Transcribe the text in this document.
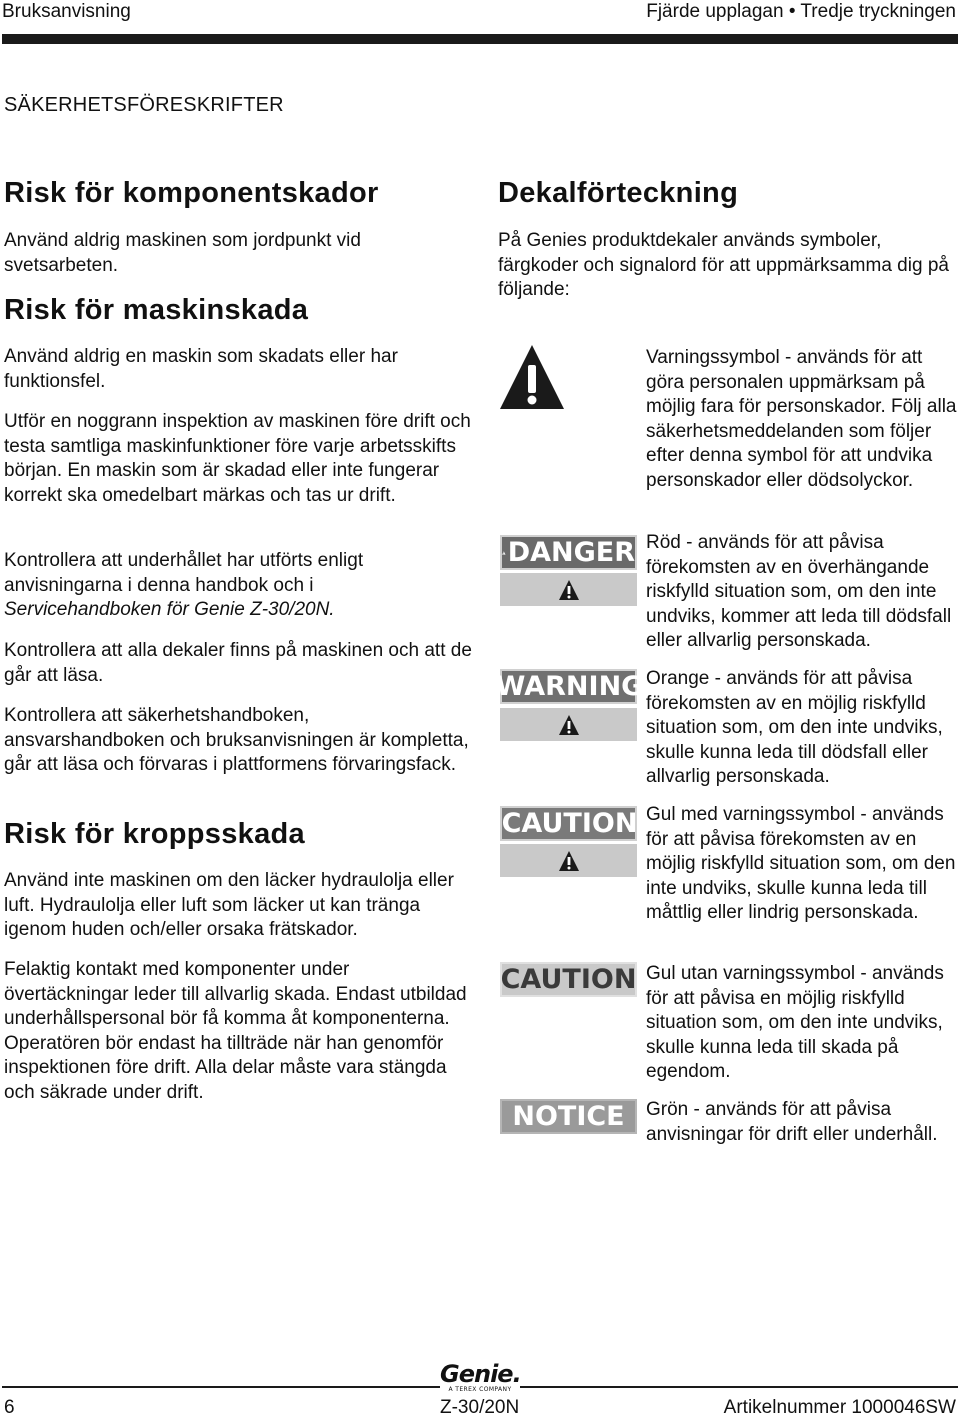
Bruksanvisning	Fjärde upplagan • Tredje tryckningen
SÄKERHETSFÖRESKRIFTER
Risk för komponentskador

Använd aldrig maskinen som jordpunkt vid svetsarbeten.

Risk för maskinskada

Använd aldrig en maskin som skadats eller har funktionsfel.

Utför en noggrann inspektion av maskinen före drift och testa samtliga maskinfunktioner före varje arbetsskifts början. En maskin som är skadad eller inte fungerar korrekt ska omedelbart märkas och tas ur drift.

Kontrollera att underhållet har utförts enligt anvisningarna i denna handbok och i Servicehandboken för Genie Z-30/20N.

Kontrollera att alla dekaler finns på maskinen och att de går att läsa.

Kontrollera att säkerhetshandboken, ansvarshandboken och bruksanvisningen är kompletta, går att läsa och förvaras i plattformens förvaringsfack.

Risk för kroppsskada

Använd inte maskinen om den läcker hydraulolja eller luft. Hydraulolja eller luft som läcker ut kan tränga igenom huden och/eller orsaka frätskador.

Felaktig kontakt med komponenter under övertäckningar leder till allvarlig skada. Endast utbildad underhållspersonal bör få komma åt komponenterna. Operatören bör endast ha tillträde när han genomför inspektionen före drift. Alla delar måste vara stängda och säkrade under drift.

Dekalförteckning

På Genies produktdekaler används symboler, färgkoder och signalord för att uppmärksamma dig på följande:

Varningssymbol - används för att göra personalen uppmärksam på möjlig fara för personskador. Följ alla säkerhetsmeddelanden som följer efter denna symbol för att undvika personskador eller dödsolyckor.

DANGER Röd - används för att påvisa förekomsten av en överhängande riskfylld situation som, om den inte undviks, kommer att leda till dödsfall eller allvarlig personskada.

WARNING Orange - används för att påvisa förekomsten av en möjlig riskfylld situation som, om den inte undviks, skulle kunna leda till dödsfall eller allvarlig personskada.

CAUTION Gul med varningssymbol - används för att påvisa förekomsten av en möjlig riskfylld situation som, om den inte undviks, skulle kunna leda till måttlig eller lindrig personskada.

CAUTION Gul utan varningssymbol - används för att påvisa en möjlig riskfylld situation som, om den inte undviks, skulle kunna leda till skada på egendom.

NOTICE Grön - används för att påvisa anvisningar för drift eller underhåll.

Genie.
A TEREX COMPANY
6	Z-30/20N	Artikelnummer 1000046SW
